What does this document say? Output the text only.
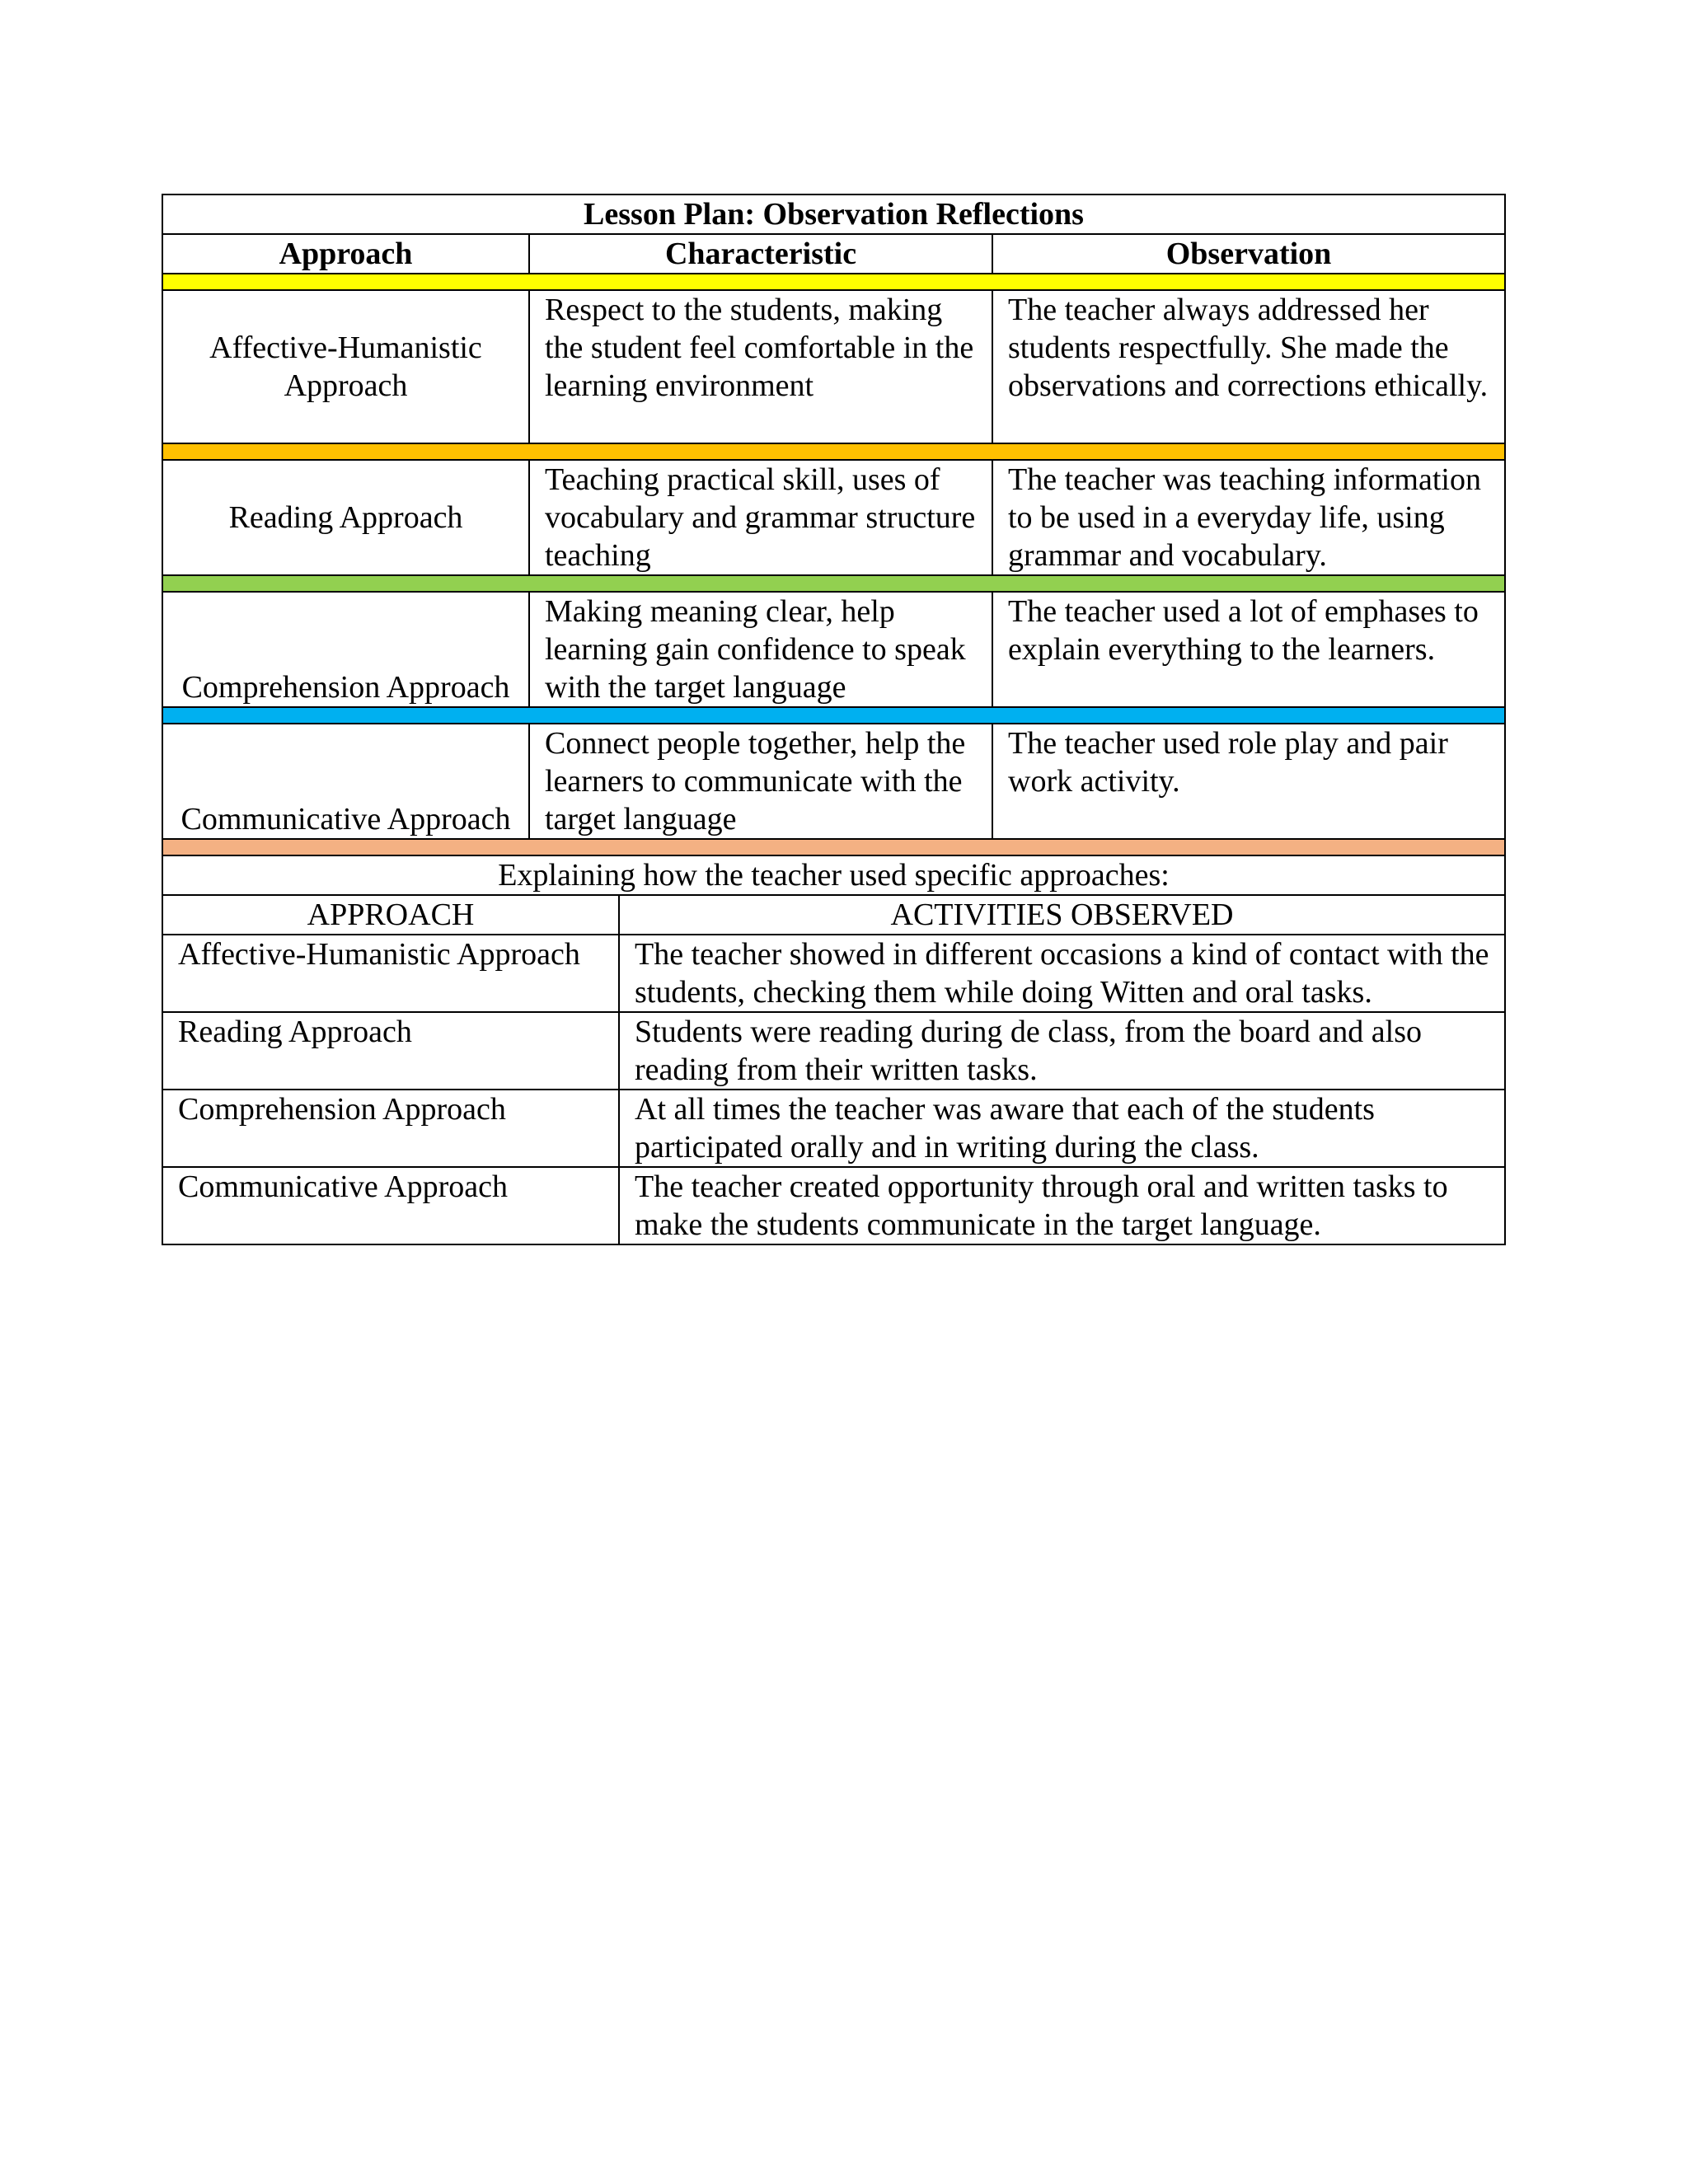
Lesson Plan: Observation Reflections		
Approach	Characteristic	Observation

Affective-Humanistic Approach	Respect to the students, making the student feel comfortable in the learning environment	The teacher always addressed her students respectfully. She made the observations and corrections ethically.

Reading Approach	Teaching practical skill, uses of vocabulary and grammar structure teaching	The teacher was teaching information to be used in a everyday life, using grammar and vocabulary.

Comprehension Approach	Making meaning clear, help learning gain confidence to speak with the target language	The teacher used a lot of emphases to explain everything to the learners.

Communicative Approach	Connect people together, help the learners to communicate with the target language	The teacher used role play and pair work activity.

Explaining how the teacher used specific approaches:	
APPROACH	ACTIVITIES OBSERVED
Affective-Humanistic Approach	The teacher showed in different occasions a kind of contact with the students, checking them while doing Witten and oral tasks.
Reading Approach	Students were reading during de class, from the board and also reading from their written tasks.
Comprehension Approach	At all times the teacher was aware that each of the students participated orally and in writing during the class.
Communicative Approach	The teacher created opportunity through oral and written tasks to make the students communicate in the target language.
